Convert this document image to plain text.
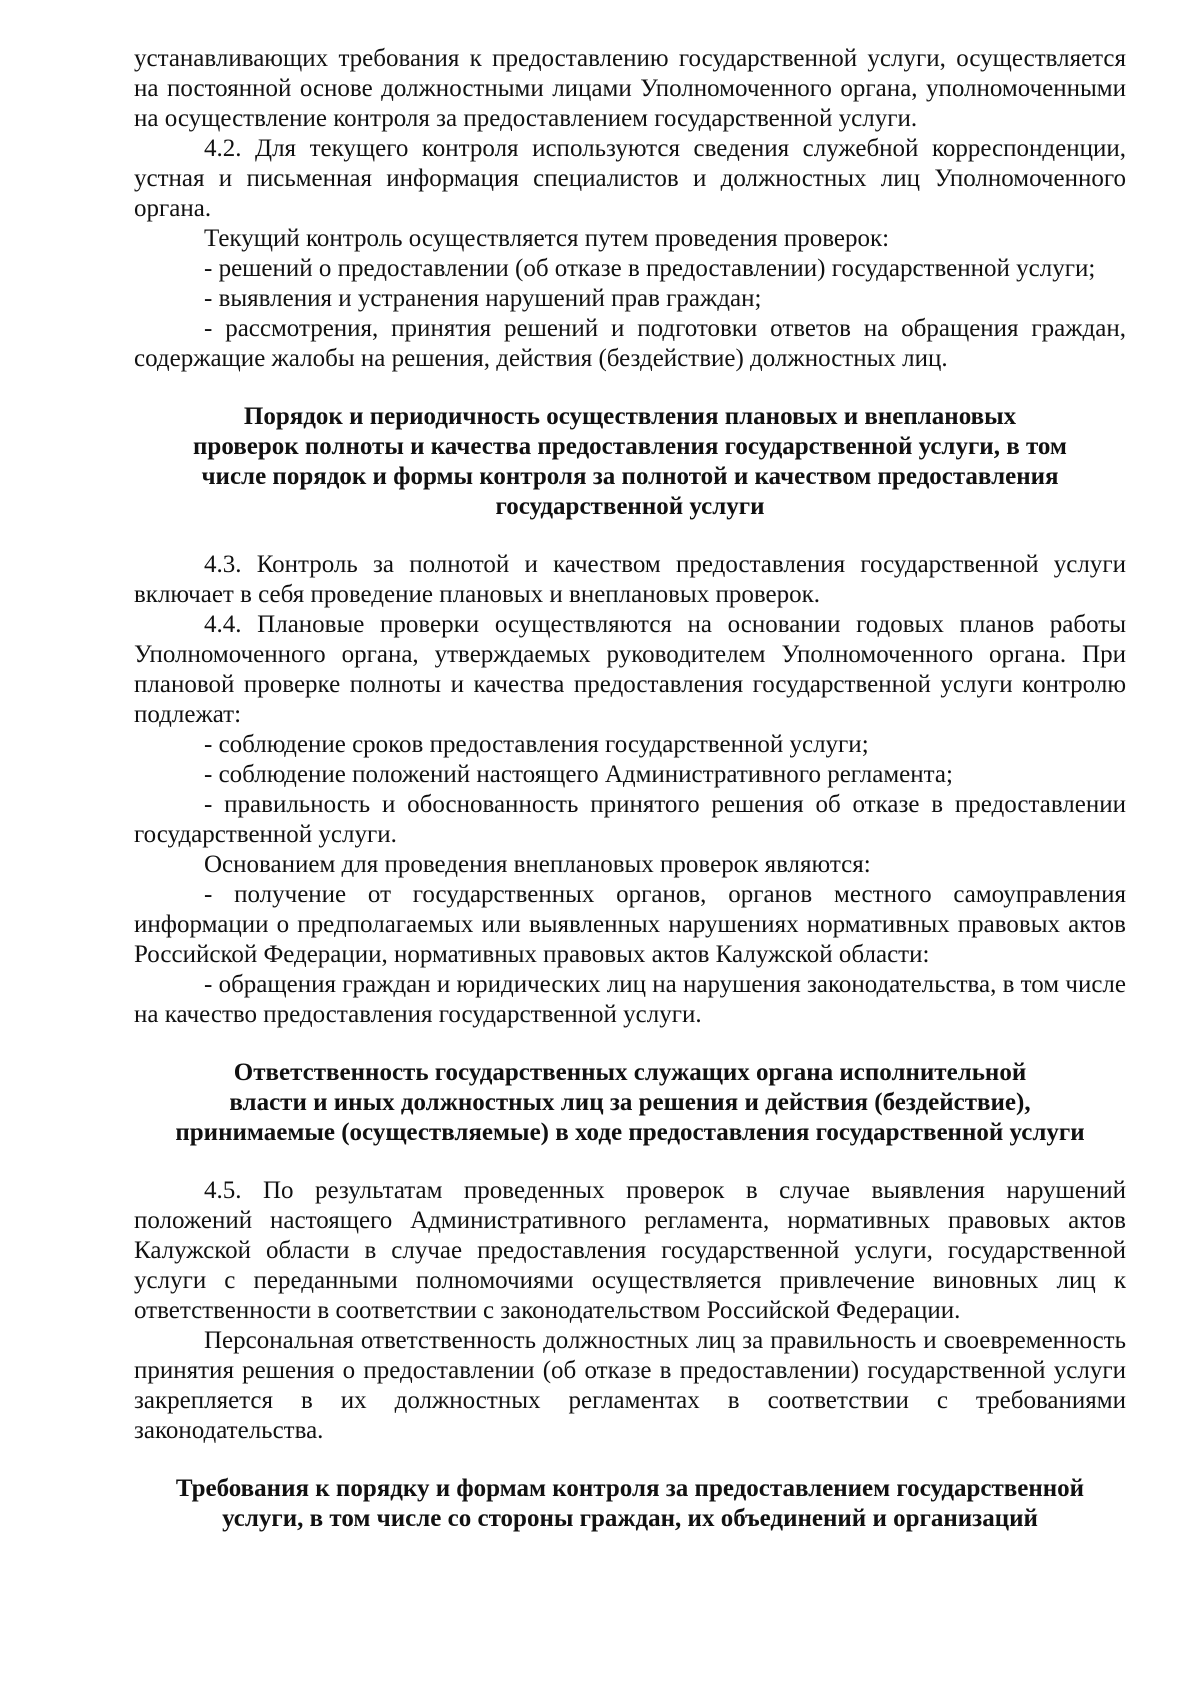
устанавливающих требования к предоставлению государственной услуги, осуществляется на постоянной основе должностными лицами Уполномоченного органа, уполномоченными на осуществление контроля за предоставлением государственной услуги.

4.2. Для текущего контроля используются сведения служебной корреспонденции, устная и письменная информация специалистов и должностных лиц Уполномоченного органа.

Текущий контроль осуществляется путем проведения проверок:

- решений о предоставлении (об отказе в предоставлении) государственной услуги;

- выявления и устранения нарушений прав граждан;

- рассмотрения, принятия решений и подготовки ответов на обращения граждан, содержащие жалобы на решения, действия (бездействие) должностных лиц.

Порядок и периодичность осуществления плановых и внеплановых
проверок полноты и качества предоставления государственной услуги, в том
числе порядок и формы контроля за полнотой и качеством предоставления
государственной услуги

4.3. Контроль за полнотой и качеством предоставления государственной услуги включает в себя проведение плановых и внеплановых проверок.

4.4. Плановые проверки осуществляются на основании годовых планов работы Уполномоченного органа, утверждаемых руководителем Уполномоченного органа. При плановой проверке полноты и качества предоставления государственной услуги контролю подлежат:

- соблюдение сроков предоставления государственной услуги;

- соблюдение положений настоящего Административного регламента;

- правильность и обоснованность принятого решения об отказе в предоставлении государственной услуги.

Основанием для проведения внеплановых проверок являются:

- получение от государственных органов, органов местного самоуправления информации о предполагаемых или выявленных нарушениях нормативных правовых актов Российской Федерации, нормативных правовых актов Калужской области:

- обращения граждан и юридических лиц на нарушения законодательства, в том числе на качество предоставления государственной услуги.

Ответственность государственных служащих органа исполнительной
власти и иных должностных лиц за решения и действия (бездействие),
принимаемые (осуществляемые) в ходе предоставления государственной услуги

4.5. По результатам проведенных проверок в случае выявления нарушений положений настоящего Административного регламента, нормативных правовых актов Калужской области в случае предоставления государственной услуги, государственной услуги с переданными полномочиями осуществляется привлечение виновных лиц к ответственности в соответствии с законодательством Российской Федерации.

Персональная ответственность должностных лиц за правильность и своевременность принятия решения о предоставлении (об отказе в предоставлении) государственной услуги закрепляется в их должностных регламентах в соответствии с требованиями законодательства.

Требования к порядку и формам контроля за предоставлением государственной
услуги, в том числе со стороны граждан, их объединений и организаций
